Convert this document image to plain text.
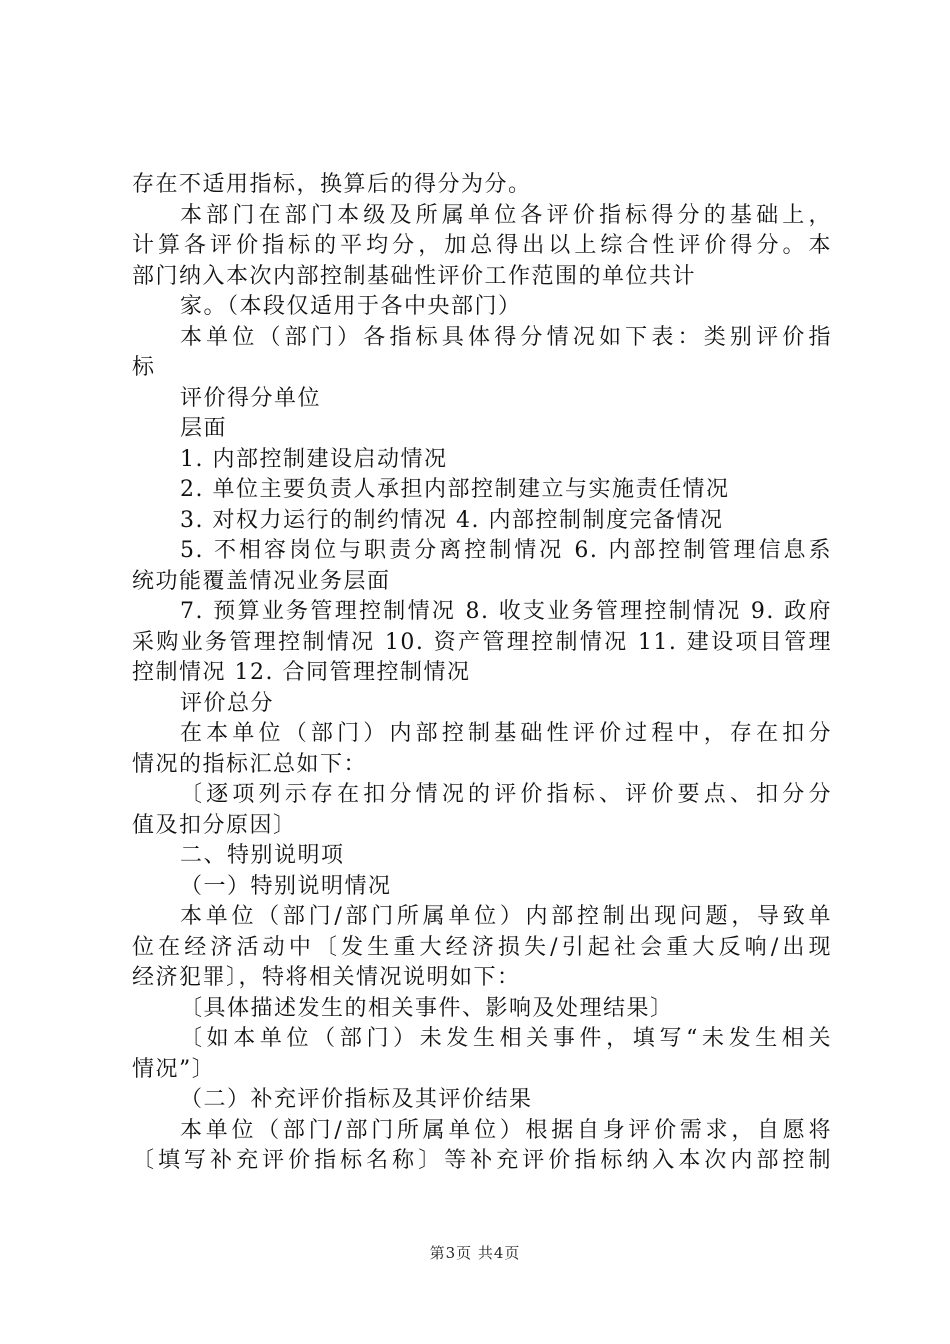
存在不适用指标，换算后的得分为分。
本部门在部门本级及所属单位各评价指标得分的基础上，
计算各评价指标的平均分，加总得出以上综合性评价得分。本
部门纳入本次内部控制基础性评价工作范围的单位共计
家。（本段仅适用于各中央部门）
本单位（部门）各指标具体得分情况如下表：类别评价指
标
评价得分单位
层面
1. 内部控制建设启动情况
2. 单位主要负责人承担内部控制建立与实施责任情况
3. 对权力运行的制约情况 4. 内部控制制度完备情况
5. 不相容岗位与职责分离控制情况 6. 内部控制管理信息系
统功能覆盖情况业务层面
7. 预算业务管理控制情况 8. 收支业务管理控制情况 9. 政府
采购业务管理控制情况 10. 资产管理控制情况 11. 建设项目管理
控制情况 12. 合同管理控制情况
评价总分
在本单位（部门）内部控制基础性评价过程中，存在扣分
情况的指标汇总如下：
〔逐项列示存在扣分情况的评价指标、评价要点、扣分分
值及扣分原因〕
二、特别说明项
（一）特别说明情况
本单位（部门/部门所属单位）内部控制出现问题，导致单
位在经济活动中〔发生重大经济损失/引起社会重大反响/出现
经济犯罪〕，特将相关情况说明如下：
〔具体描述发生的相关事件、影响及处理结果〕
〔如本单位（部门）未发生相关事件，填写“未发生相关
情况”〕
（二）补充评价指标及其评价结果
本单位（部门/部门所属单位）根据自身评价需求，自愿将
〔填写补充评价指标名称〕等补充评价指标纳入本次内部控制
第3页 共4页
